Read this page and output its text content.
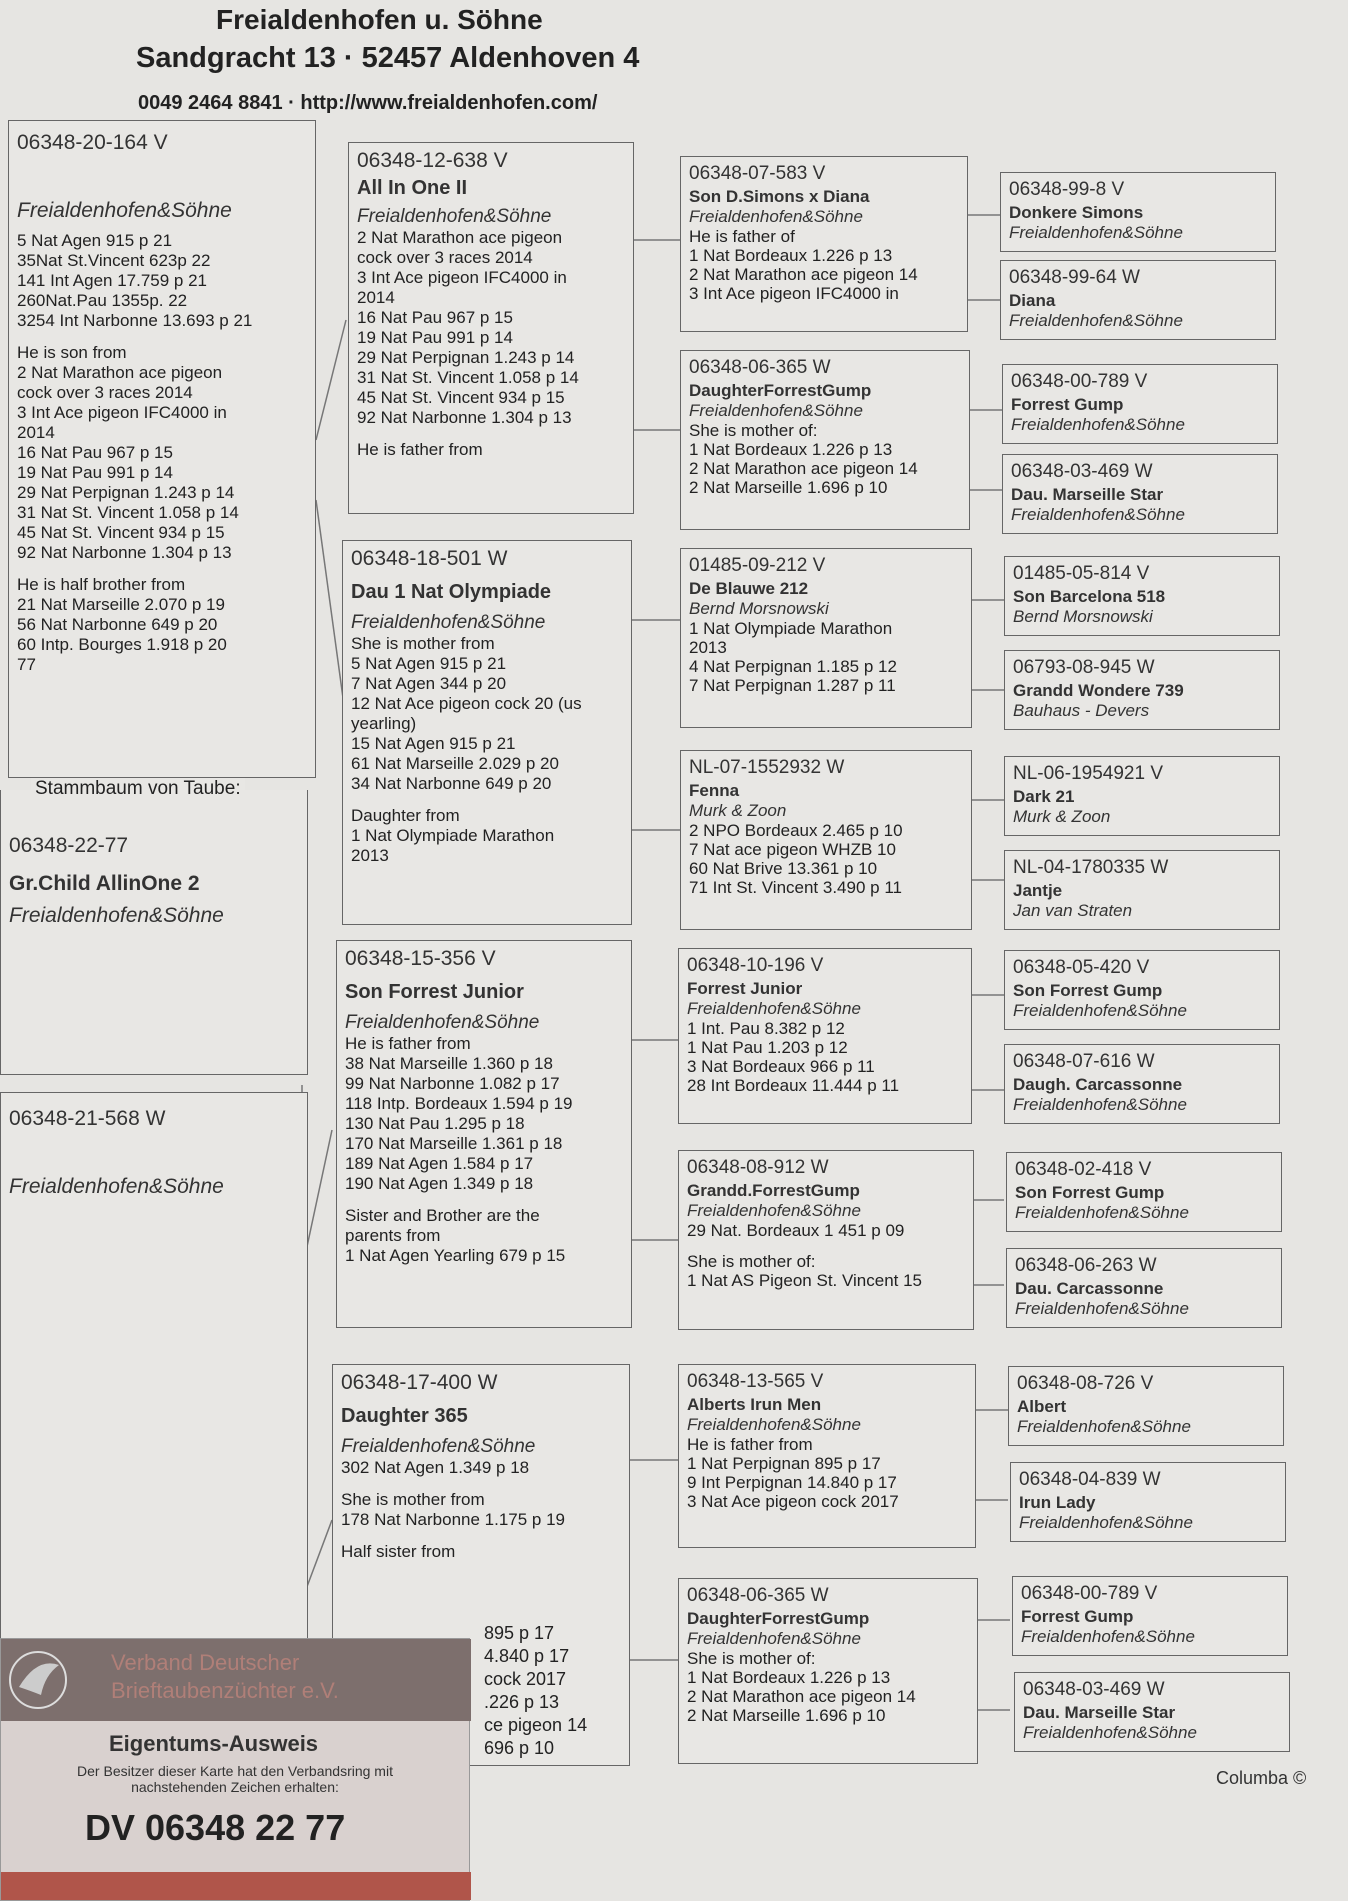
Freialdenhofen u. Söhne
Sandgracht 13 · 52457 Aldenhoven 4
0049 2464 8841 · http://www.freialdenhofen.com/
06348-20-164 V
Freialdenhofen&Söhne
5 Nat Agen 915 p 21
35Nat St.Vincent 623p 22
141 Int Agen 17.759 p 21
260Nat.Pau 1355p. 22
3254 Int Narbonne 13.693 p 21
He is son from
2 Nat Marathon ace pigeon
cock over 3 races 2014
3 Int Ace pigeon IFC4000 in
2014
16 Nat Pau 967 p 15
19 Nat Pau 991 p 14
29 Nat Perpignan 1.243 p 14
31 Nat St. Vincent 1.058 p 14
45 Nat St. Vincent 934 p 15
92 Nat Narbonne 1.304 p 13
He is half brother from
21 Nat Marseille 2.070 p 19
56 Nat Narbonne 649 p 20
60 Intp. Bourges 1.918 p 20
77
Stammbaum von Taube:
06348-22-77
Gr.Child AllinOne 2
Freialdenhofen&Söhne
06348-21-568 W
Freialdenhofen&Söhne
06348-12-638 V
All In One II
Freialdenhofen&Söhne
2 Nat Marathon ace pigeon
cock over 3 races 2014
3 Int Ace pigeon IFC4000 in
2014
16 Nat Pau 967 p 15
19 Nat Pau 991 p 14
29 Nat Perpignan 1.243 p 14
31 Nat St. Vincent 1.058 p 14
45 Nat St. Vincent 934 p 15
92 Nat Narbonne 1.304 p 13
He is father from
06348-18-501 W
Dau 1 Nat Olympiade
Freialdenhofen&Söhne
She is mother from
5 Nat Agen 915 p 21
7 Nat Agen 344 p 20
12 Nat Ace pigeon cock 20 (us
yearling)
15 Nat Agen 915 p 21
61 Nat Marseille 2.029 p 20
34 Nat Narbonne 649 p 20
Daughter from
1 Nat Olympiade Marathon
2013
06348-15-356 V
Son Forrest Junior
Freialdenhofen&Söhne
He is father from
38 Nat Marseille 1.360 p 18
99 Nat Narbonne 1.082 p 17
118 Intp. Bordeaux 1.594 p 19
130 Nat Pau 1.295 p 18
170 Nat Marseille 1.361 p 18
189 Nat Agen 1.584 p 17
190 Nat Agen 1.349 p 18
Sister and Brother are the
parents from
1 Nat Agen Yearling 679 p 15
06348-17-400 W
Daughter 365
Freialdenhofen&Söhne
302 Nat Agen 1.349 p 18
She is mother from
178 Nat Narbonne 1.175 p 19
Half sister from
06348-07-583 V
Son D.Simons x Diana
Freialdenhofen&Söhne
He is father of
1 Nat Bordeaux 1.226 p 13
2 Nat Marathon ace pigeon 14
3 Int Ace pigeon IFC4000 in
06348-06-365 W
DaughterForrestGump
Freialdenhofen&Söhne
She is mother of:
1 Nat Bordeaux 1.226 p 13
2 Nat Marathon ace pigeon 14
2 Nat Marseille 1.696 p 10
01485-09-212 V
De Blauwe 212
Bernd Morsnowski
1 Nat Olympiade Marathon
2013
4 Nat Perpignan 1.185 p 12
7 Nat Perpignan 1.287 p 11
NL-07-1552932 W
Fenna
Murk & Zoon
2 NPO Bordeaux 2.465 p 10
7 Nat ace pigeon WHZB 10
60 Nat Brive 13.361 p 10
71 Int St. Vincent 3.490 p 11
06348-10-196 V
Forrest Junior
Freialdenhofen&Söhne
1 Int. Pau 8.382 p 12
1 Nat Pau 1.203 p 12
3 Nat Bordeaux 966 p 11
28 Int Bordeaux 11.444 p 11
06348-08-912 W
Grandd.ForrestGump
Freialdenhofen&Söhne
29 Nat. Bordeaux 1 451 p 09
She is mother of:
1 Nat AS Pigeon St. Vincent 15
06348-13-565 V
Alberts Irun Men
Freialdenhofen&Söhne
He is father from
1 Nat Perpignan 895 p 17
9 Int Perpignan 14.840 p 17
3 Nat Ace pigeon cock 2017
06348-06-365 W
DaughterForrestGump
Freialdenhofen&Söhne
She is mother of:
1 Nat Bordeaux 1.226 p 13
2 Nat Marathon ace pigeon 14
2 Nat Marseille 1.696 p 10
06348-99-8 V
Donkere Simons
Freialdenhofen&Söhne
06348-99-64 W
Diana
Freialdenhofen&Söhne
06348-00-789 V
Forrest Gump
Freialdenhofen&Söhne
06348-03-469 W
Dau. Marseille Star
Freialdenhofen&Söhne
01485-05-814 V
Son Barcelona 518
Bernd Morsnowski
06793-08-945 W
Grandd Wondere 739
Bauhaus - Devers
NL-06-1954921 V
Dark 21
Murk & Zoon
NL-04-1780335 W
Jantje
Jan van Straten
06348-05-420 V
Son Forrest Gump
Freialdenhofen&Söhne
06348-07-616 W
Daugh. Carcassonne
Freialdenhofen&Söhne
06348-02-418 V
Son Forrest Gump
Freialdenhofen&Söhne
06348-06-263 W
Dau. Carcassonne
Freialdenhofen&Söhne
06348-08-726 V
Albert
Freialdenhofen&Söhne
06348-04-839 W
Irun Lady
Freialdenhofen&Söhne
06348-00-789 V
Forrest Gump
Freialdenhofen&Söhne
06348-03-469 W
Dau. Marseille Star
Freialdenhofen&Söhne
895 p 17
4.840 p 17
cock 2017
.226 p 13
ce pigeon 14
696 p 10
Verband Deutscher Brieftaubenzüchter e.V.
Eigentums-Ausweis
Der Besitzer dieser Karte hat den Verbandsring mit nachstehenden Zeichen erhalten:
DV 06348 22 77
Columba ©
